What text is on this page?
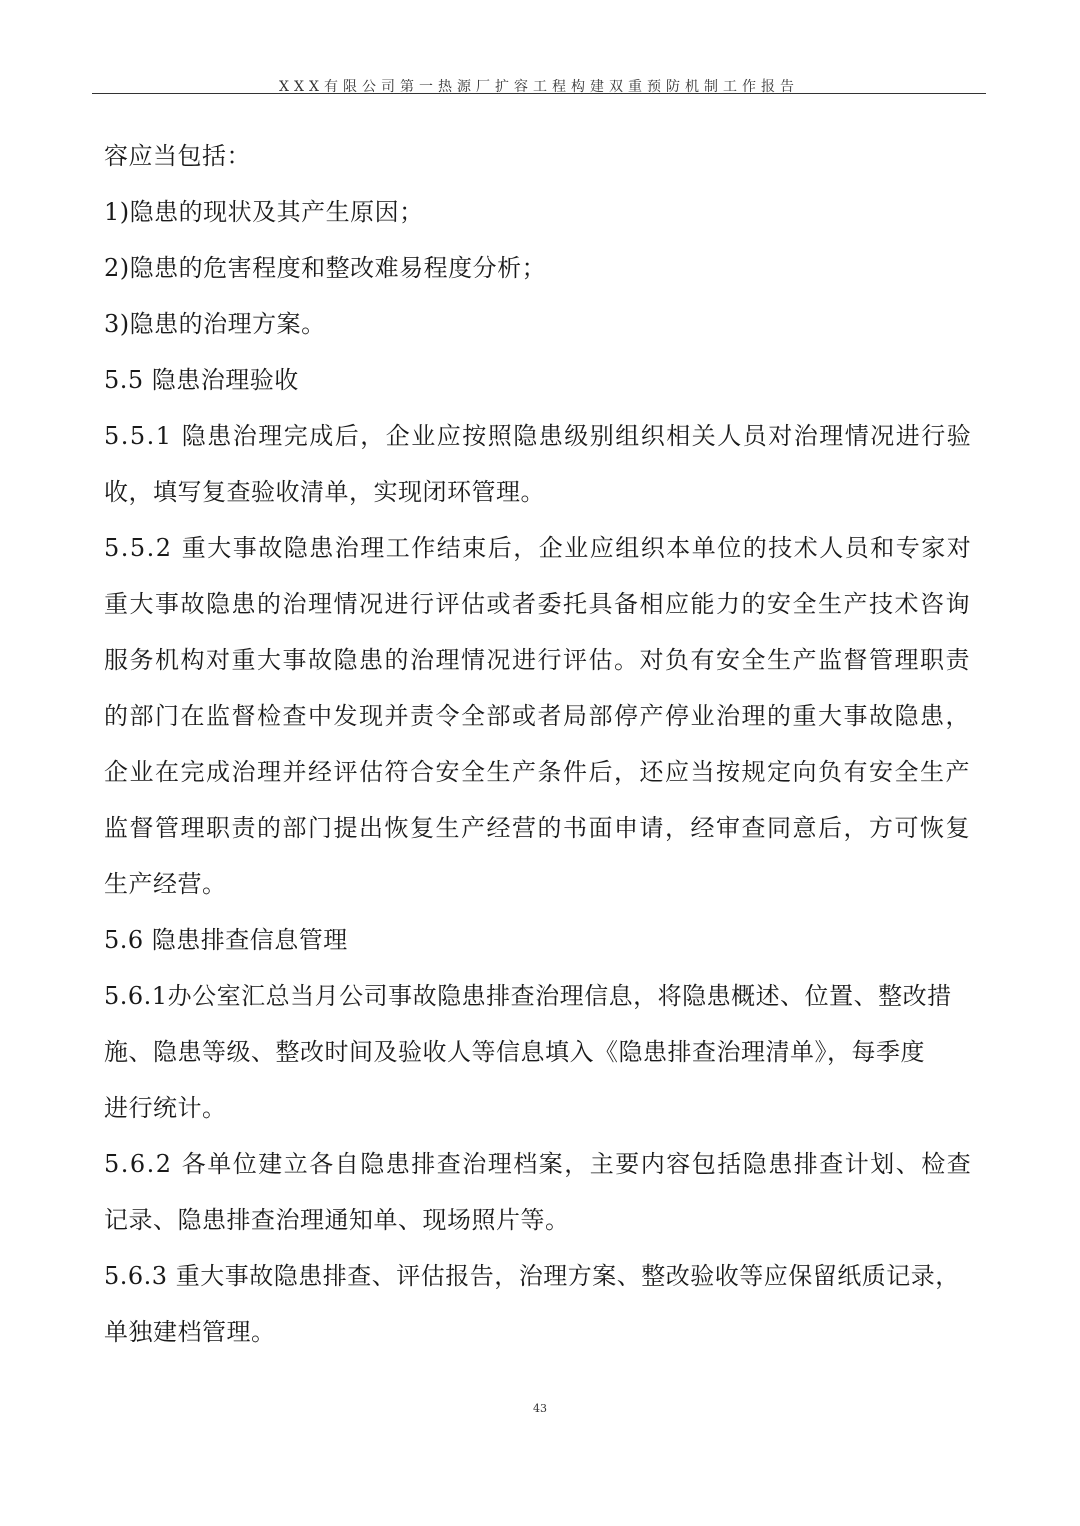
XXX有限公司第一热源厂扩容工程构建双重预防机制工作报告
容应当包括：
1)隐患的现状及其产生原因；
2)隐患的危害程度和整改难易程度分析；
3)隐患的治理方案。
5.5 隐患治理验收
5.5.1 隐患治理完成后，企业应按照隐患级别组织相关人员对治理情况进行验
收，填写复查验收清单，实现闭环管理。
5.5.2 重大事故隐患治理工作结束后，企业应组织本单位的技术人员和专家对
重大事故隐患的治理情况进行评估或者委托具备相应能力的安全生产技术咨询
服务机构对重大事故隐患的治理情况进行评估。对负有安全生产监督管理职责
的部门在监督检查中发现并责令全部或者局部停产停业治理的重大事故隐患，
企业在完成治理并经评估符合安全生产条件后，还应当按规定向负有安全生产
监督管理职责的部门提出恢复生产经营的书面申请，经审查同意后，方可恢复
生产经营。
5.6 隐患排查信息管理
5.6.1办公室汇总当月公司事故隐患排查治理信息，将隐患概述、位置、整改措
施、隐患等级、整改时间及验收人等信息填入《隐患排查治理清单》，每季度
进行统计。
5.6.2 各单位建立各自隐患排查治理档案，主要内容包括隐患排查计划、检查
记录、隐患排查治理通知单、现场照片等。
5.6.3 重大事故隐患排查、评估报告，治理方案、整改验收等应保留纸质记录，
单独建档管理。
43
